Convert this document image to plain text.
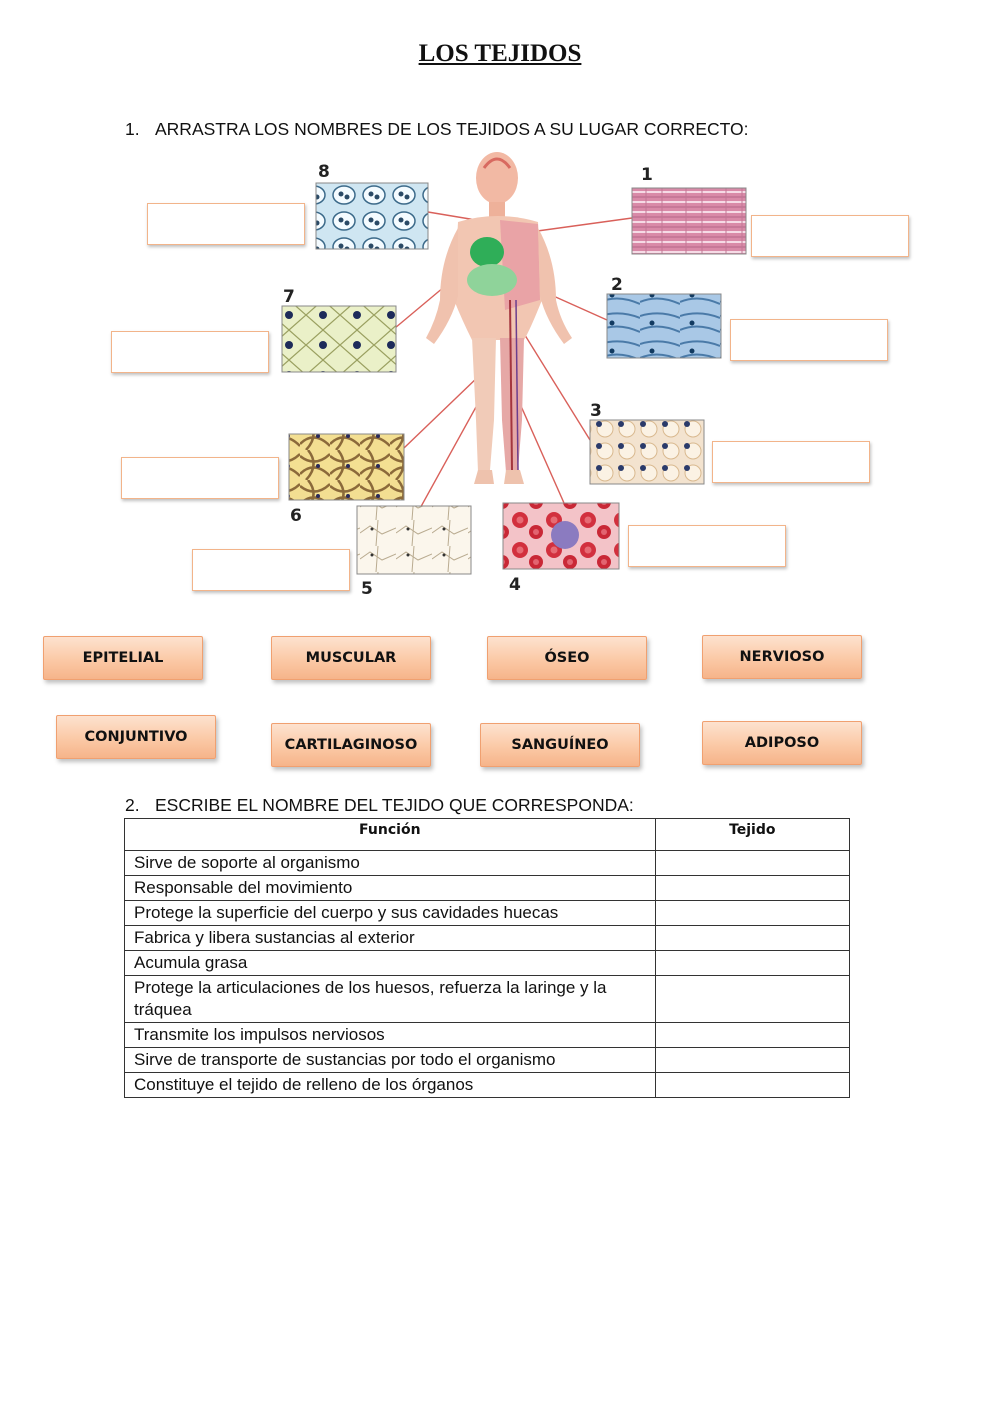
LOS TEJIDOS
1. ARRASTRA LOS NOMBRES DE LOS TEJIDOS A SU LUGAR CORRECTO:
8	1
7
2
3
6
5	4
EPITELIAL	MUSCULAR	ÓSEO	NERVIOSO
CONJUNTIVO	CARTILAGINOSO	SANGUÍNEO	ADIPOSO
2. ESCRIBE EL NOMBRE DEL TEJIDO QUE CORRESPONDA:
Función	Tejido
Sirve de soporte al organismo	
Responsable del movimiento	
Protege la superficie del cuerpo y sus cavidades huecas	
Fabrica y libera sustancias al exterior	
Acumula grasa	
Protege la articulaciones de los huesos, refuerza la laringe y la tráquea	
Transmite los impulsos nerviosos	
Sirve de transporte de sustancias por todo el organismo	
Constituye el tejido de relleno de los órganos	
